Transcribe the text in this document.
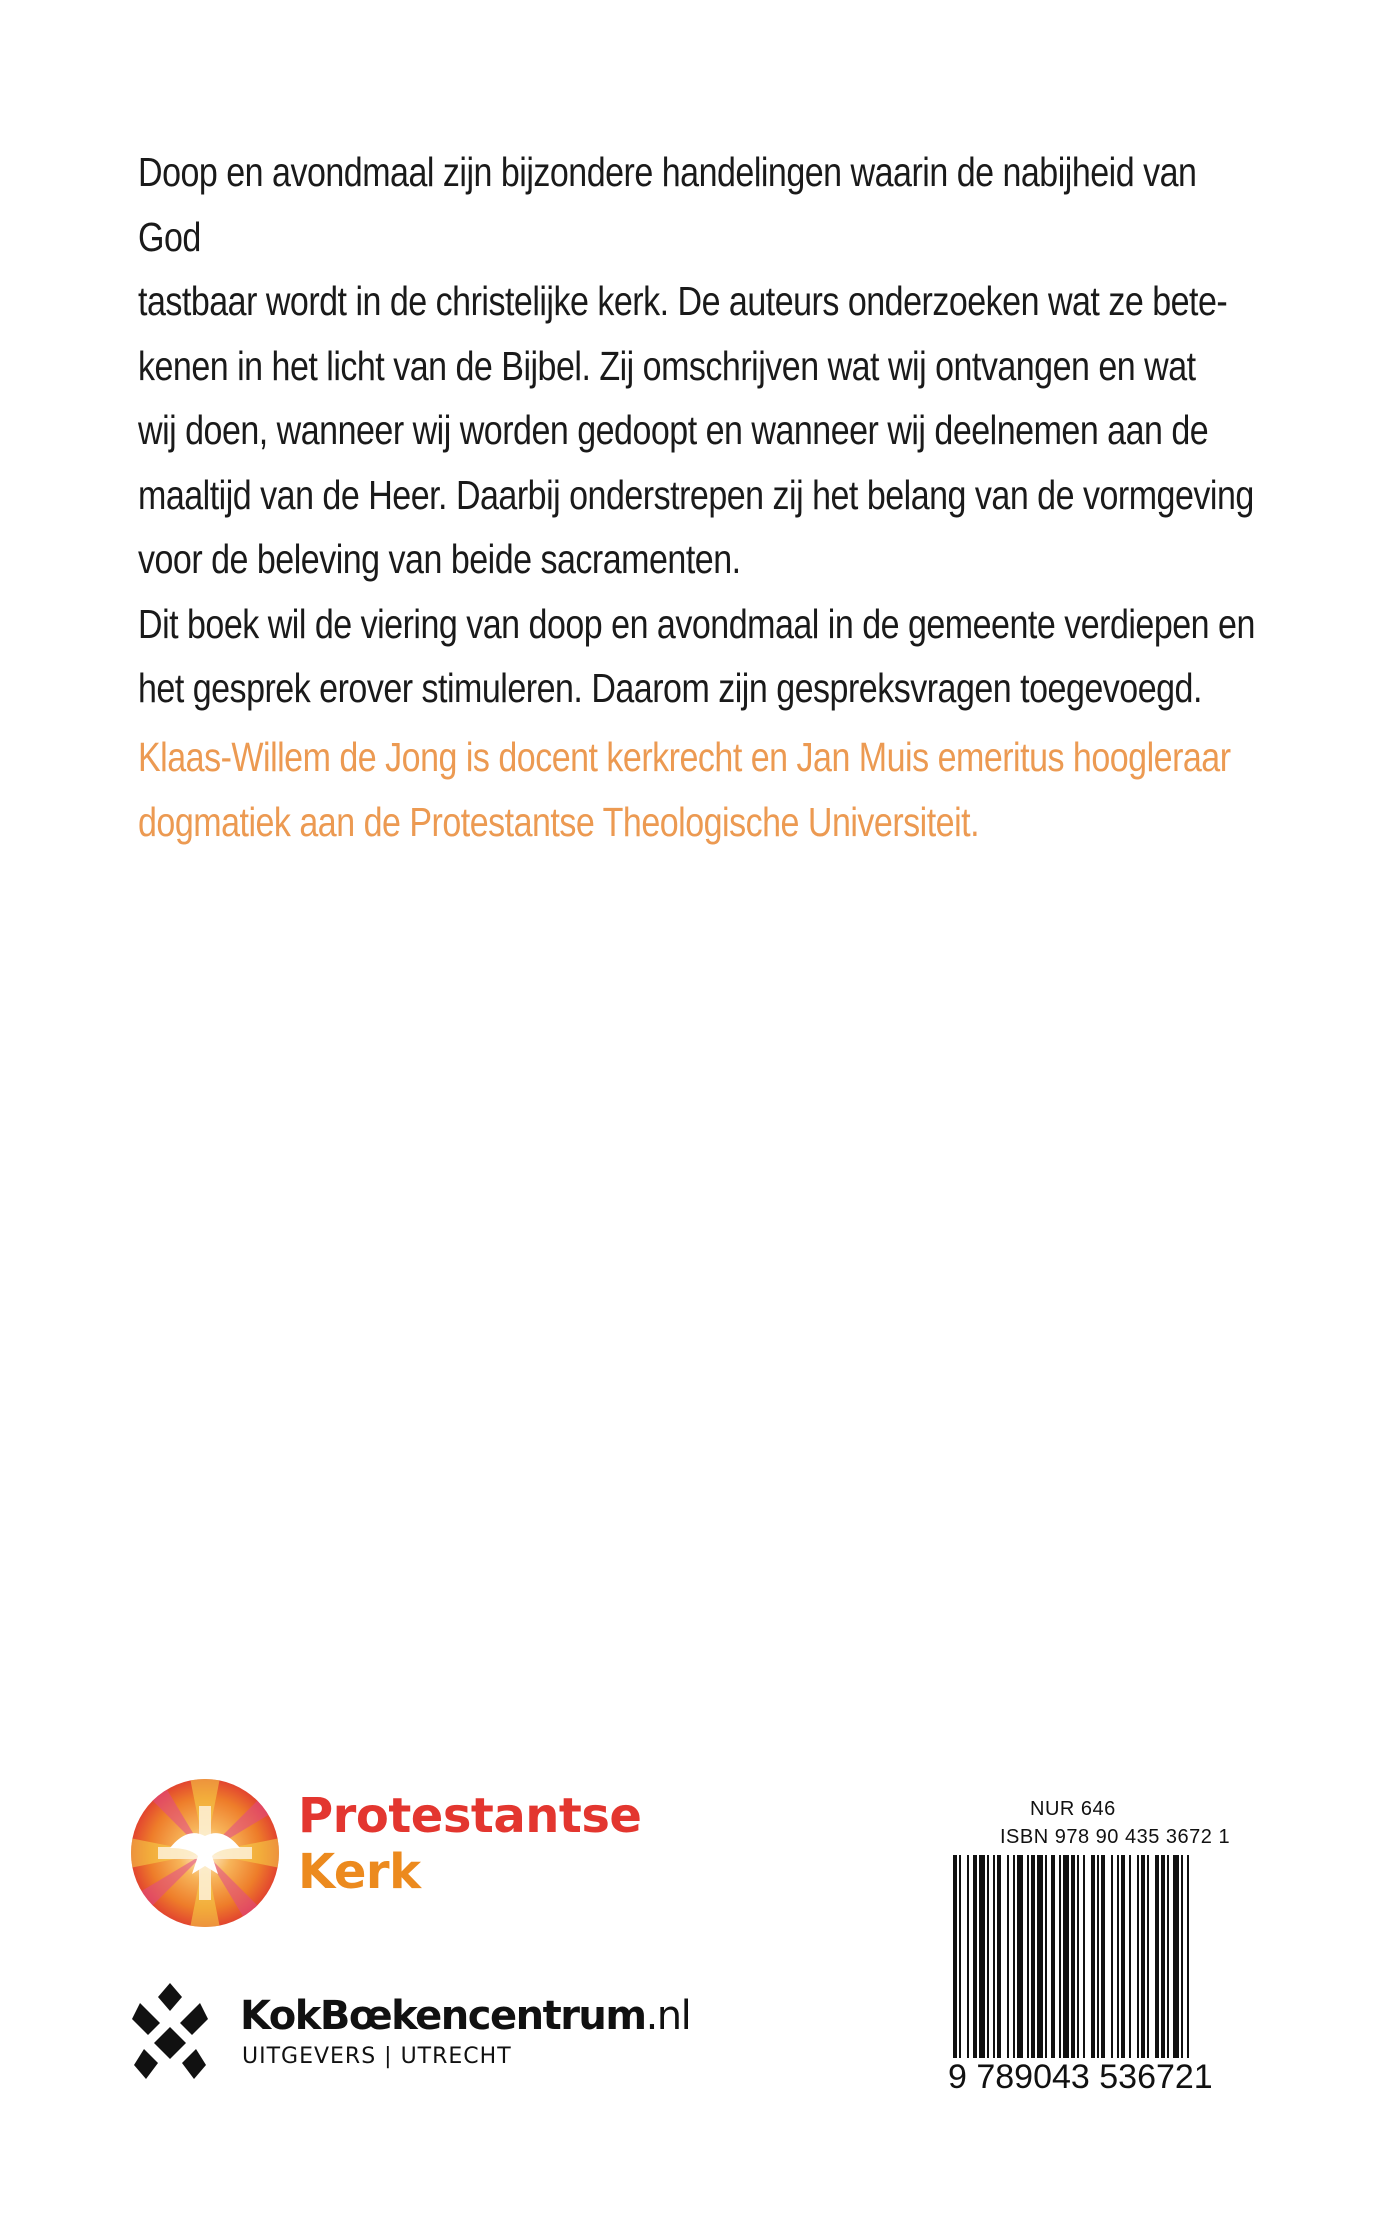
Doop en avondmaal zijn bijzondere handelingen waarin de nabijheid van God

tastbaar wordt in de christelijke kerk. De auteurs onderzoeken wat ze bete-

kenen in het licht van de Bijbel. Zij omschrijven wat wij ontvangen en wat

wij doen, wanneer wij worden gedoopt en wanneer wij deelnemen aan de

maaltijd van de Heer. Daarbij onderstrepen zij het belang van de vormgeving

voor de beleving van beide sacramenten.

Dit boek wil de viering van doop en avondmaal in de gemeente verdiepen en

het gesprek erover stimuleren. Daarom zijn gespreksvragen toegevoegd.

Klaas-Willem de Jong is docent kerkrecht en Jan Muis emeritus hoogleraar

dogmatiek aan de Protestantse Theologische Universiteit.

Protestantse
Kerk
KokBœkencentrum.nl
UITGEVERS | UTRECHT
NUR 646
ISBN 978 90 435 3672 1
9 789043 536721
